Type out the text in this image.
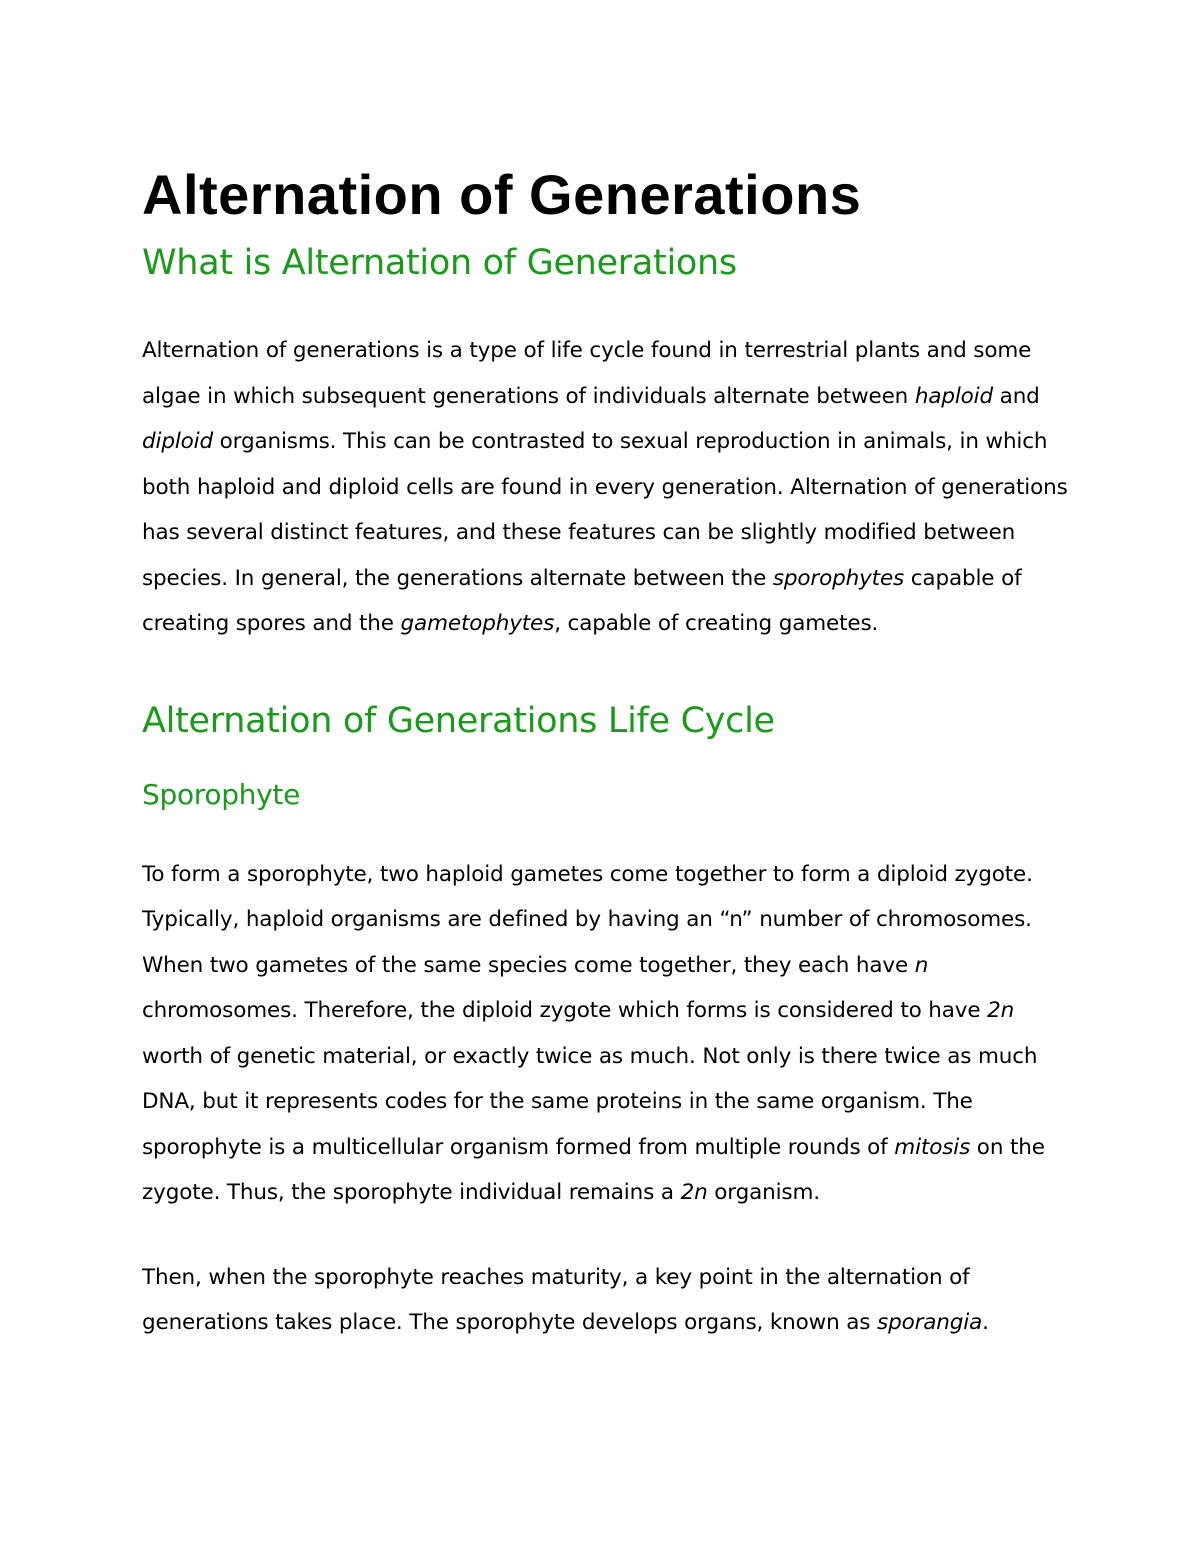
Alternation of Generations
What is Alternation of Generations

Alternation of generations is a type of life cycle found in terrestrial plants and some algae in which subsequent generations of individuals alternate between haploid and diploid organisms. This can be contrasted to sexual reproduction in animals, in which both haploid and diploid cells are found in every generation. Alternation of generations has several distinct features, and these features can be slightly modified between species. In general, the generations alternate between the sporophytes capable of creating spores and the gametophytes, capable of creating gametes.

Alternation of Generations Life Cycle
Sporophyte

To form a sporophyte, two haploid gametes come together to form a diploid zygote. Typically, haploid organisms are defined by having an “n” number of chromosomes. When two gametes of the same species come together, they each have n chromosomes. Therefore, the diploid zygote which forms is considered to have 2n worth of genetic material, or exactly twice as much. Not only is there twice as much DNA, but it represents codes for the same proteins in the same organism. The sporophyte is a multicellular organism formed from multiple rounds of mitosis on the zygote. Thus, the sporophyte individual remains a 2n organism.

Then, when the sporophyte reaches maturity, a key point in the alternation of generations takes place. The sporophyte develops organs, known as sporangia.
